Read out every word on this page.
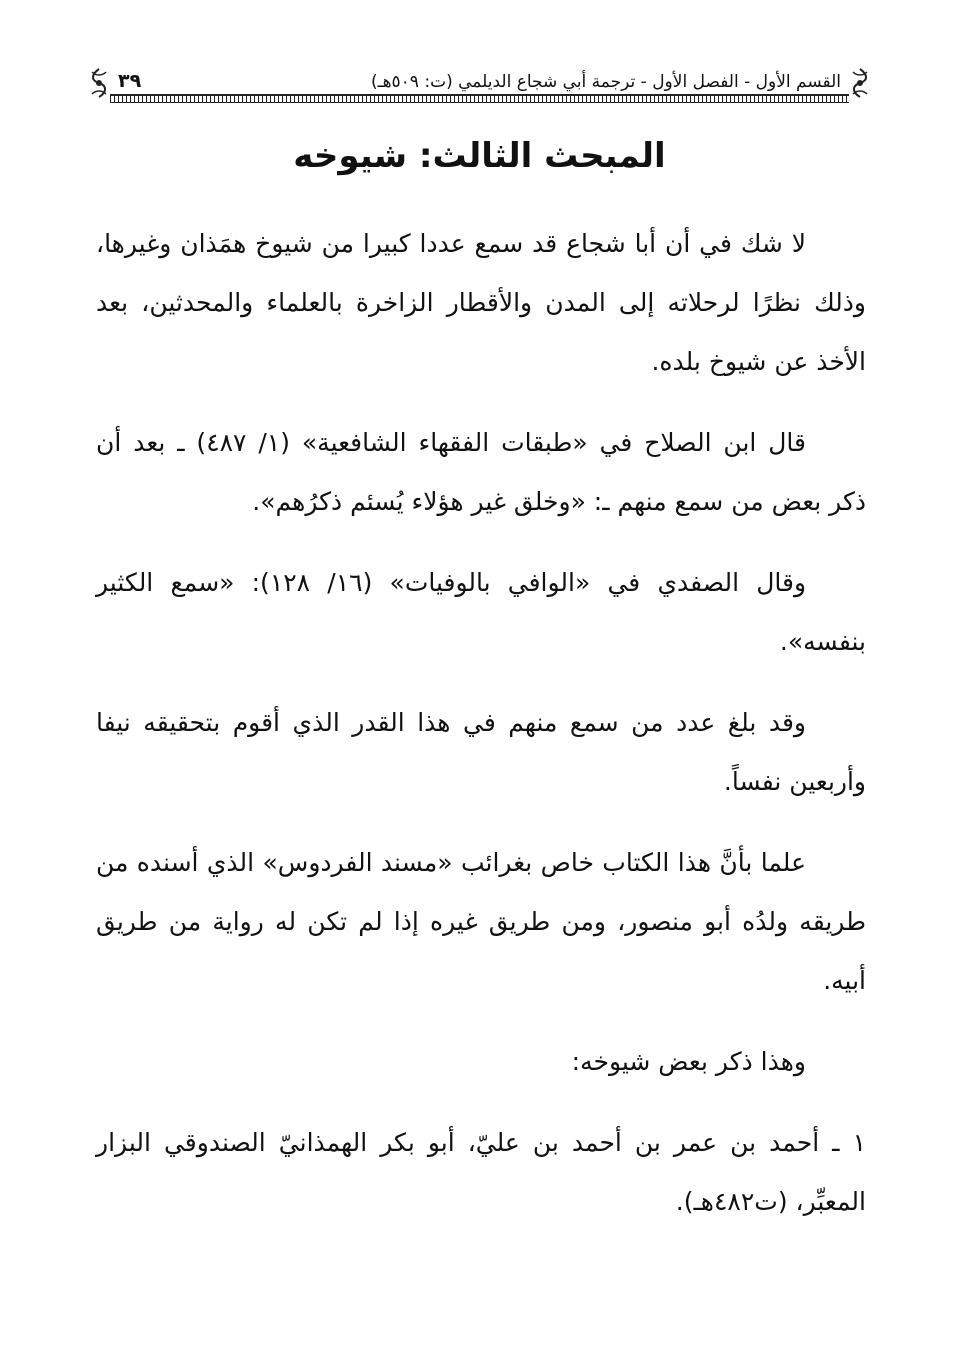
القسم الأول - الفصل الأول - ترجمة أبي شجاع الديلمي (ت: ٥٠٩هـ)
٣٩
المبحث الثالث: شيوخه

لا شك في أن أبا شجاع قد سمع عددا كبيرا من شيوخ همَذان وغيرها، وذلك نظرًا لرحلاته إلى المدن والأقطار الزاخرة بالعلماء والمحدثين، بعد الأخذ عن شيوخ بلده.

قال ابن الصلاح في «طبقات الفقهاء الشافعية» (١/ ٤٨٧) ـ بعد أن ذكر بعض من سمع منهم ـ: «وخلق غير هؤلاء يُسئم ذكرُهم».

وقال الصفدي في «الوافي بالوفيات» (١٦/ ١٢٨): «سمع الكثير بنفسه».

وقد بلغ عدد من سمع منهم في هذا القدر الذي أقوم بتحقيقه نيفا وأربعين نفساً.

علما بأنَّ هذا الكتاب خاص بغرائب «مسند الفردوس» الذي أسنده من طريقه ولدُه أبو منصور، ومن طريق غيره إذا لم تكن له رواية من طريق أبيه.

وهذا ذكر بعض شيوخه:

١ ـ أحمد بن عمر بن أحمد بن عليّ، أبو بكر الهمذانيّ الصندوقي البزار المعبِّر، (ت٤٨٢هـ).
